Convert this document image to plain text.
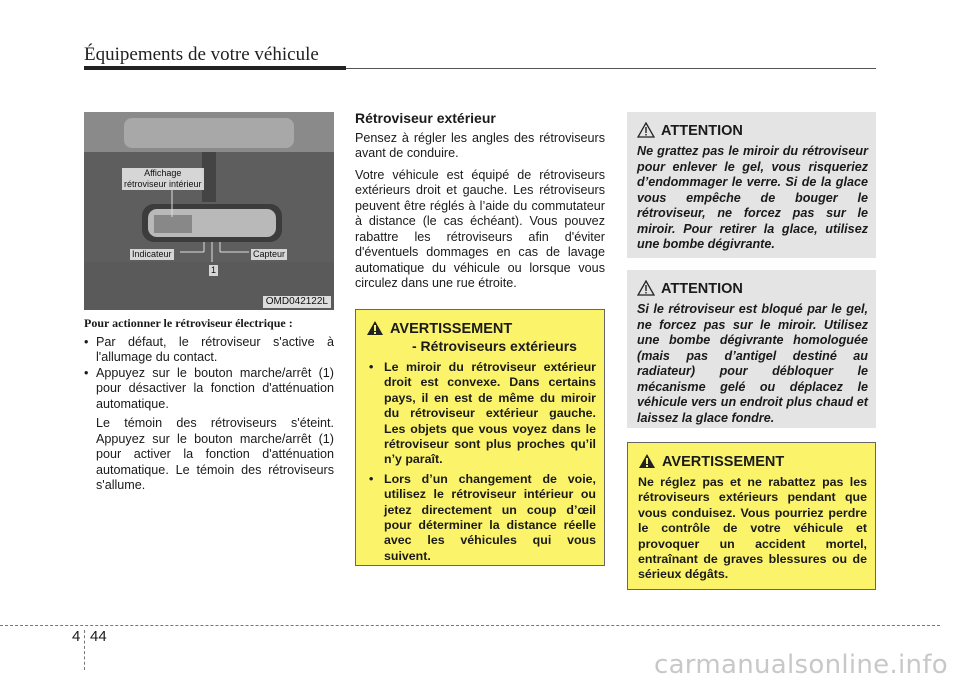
Équipements de votre véhicule
Affichage
rétroviseur intérieur
Indicateur	Capteur
1
OMD042122L
Pour actionner le rétroviseur électrique :
• Par défaut, le rétroviseur s'active à l'allumage du contact.
• Appuyez sur le bouton marche/arrêt (1) pour désactiver la fonction d'atténuation automatique.

Le témoin des rétroviseurs s'éteint. Appuyez sur le bouton marche/arrêt (1) pour activer la fonction d'atténuation automatique. Le témoin des rétroviseurs s'allume.

Rétroviseur extérieur

Pensez à régler les angles des rétroviseurs avant de conduire.

Votre véhicule est équipé de rétroviseurs extérieurs droit et gauche. Les rétroviseurs peuvent être réglés à l’aide du commutateur à distance (le cas échéant). Vous pouvez rabattre les rétroviseurs afin d'éviter d'éventuels dommages en cas de lavage automatique du véhicule ou lorsque vous circulez dans une rue étroite.

AVERTISSEMENT
- Rétroviseurs extérieurs
• Le miroir du rétroviseur extérieur droit est convexe. Dans certains pays, il en est de même du miroir du rétroviseur extérieur gauche. Les objets que vous voyez dans le rétroviseur sont plus proches qu’il n’y paraît.
• Lors d’un changement de voie, utilisez le rétroviseur intérieur ou jetez directement un coup d’œil pour déterminer la distance réelle avec les véhicules qui vous suivent.
ATTENTION
Ne grattez pas le miroir du rétroviseur pour enlever le gel, vous risqueriez d’endommager le verre. Si de la glace vous empêche de bouger le rétroviseur, ne forcez pas sur le miroir. Pour retirer la glace, utilisez une bombe dégivrante.
ATTENTION
Si le rétroviseur est bloqué par le gel, ne forcez pas sur le miroir. Utilisez une bombe dégivrante homologuée (mais pas d’antigel destiné au radiateur) pour débloquer le mécanisme gelé ou déplacez le véhicule vers un endroit plus chaud et laissez la glace fondre.
AVERTISSEMENT
Ne réglez pas et ne rabattez pas les rétroviseurs extérieurs pendant que vous conduisez. Vous pourriez perdre le contrôle de votre véhicule et provoquer un accident mortel, entraînant de graves blessures ou de sérieux dégâts.
4 44
carmanualsonline.info
